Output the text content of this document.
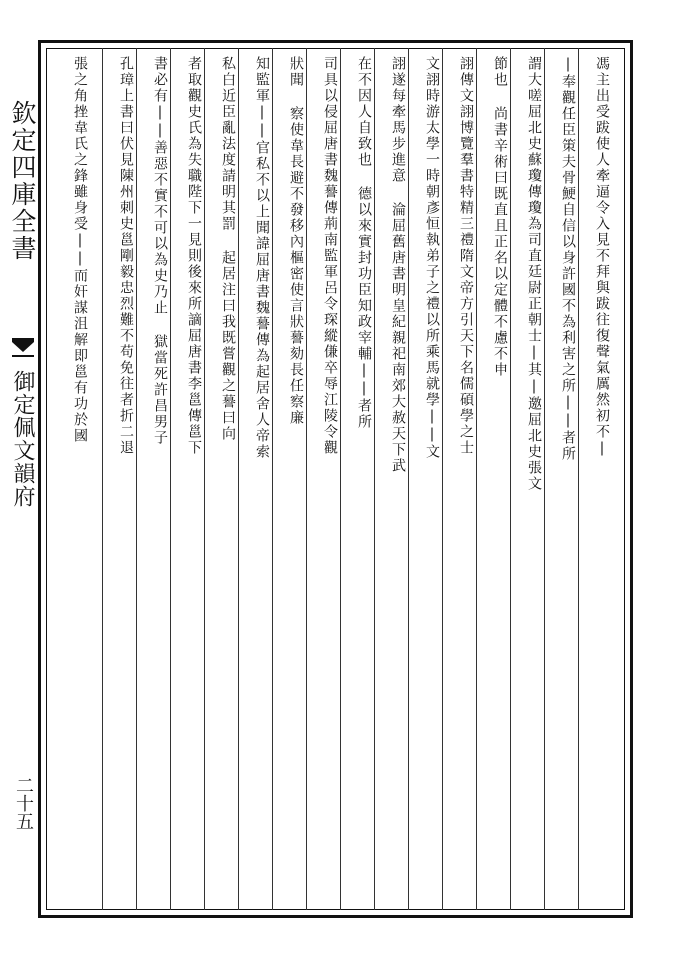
欽定四庫全書
御定佩文韻府
二十五
馮主出受跋使人牽逼令入見不拜與跋往復聲氣厲然初不|
|奉觀任臣策夫骨鯁自信以身許國不為利害之所||者所
謂大嗟屈北史蘇瓊傳瓊為司直廷尉正朝士|其|邀屈北史張文
節也 尚書辛術曰既直且正名以定體不慮不申
詡傳文詡博覽羣書特精三禮隋文帝方引天下名儒碩學之士
文詡時游太學一時朝彥恒執弟子之禮以所乘馬就學||文
詡遂每牽馬步進意 淪屈舊唐書明皇紀親祀南郊大赦天下武
在不因人自致也 德以來實封功臣知政宰輔||者所
司具以侵屈唐書魏謩傳荊南監軍呂令琛縱傔卒辱江陵令觀
狀聞 察使韋長避不發移內樞密使言狀謩劾長任察廉
知監軍||官私不以上聞諱屈唐書魏謩傳為起居舍人帝索
私白近臣亂法度請明其罰 起居注曰我既嘗觀之謩曰向
者取觀史氏為失職陛下一見則後來所謫屈唐書李邕傳邕下
書必有||善惡不實不可以為史乃止 獄當死許昌男子
孔璋上書曰伏見陳州刺史邕剛毅忠烈難不苟免往者折二退
張之角挫韋氏之鋒雖身受||而奸謀沮解即邕有功於國
